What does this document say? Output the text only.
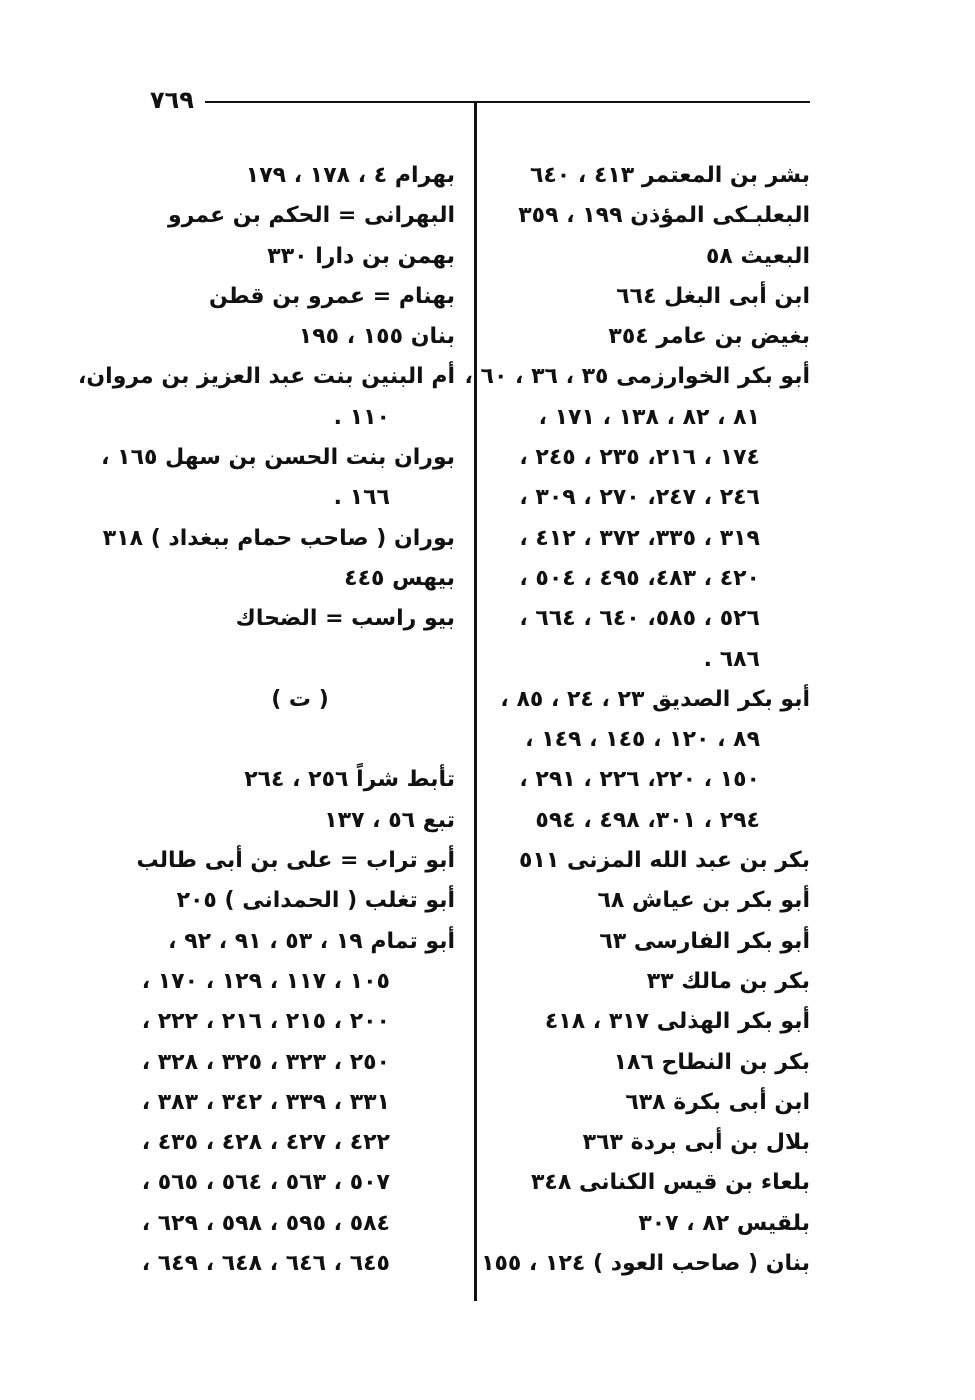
٧٦٩
بشر بن المعتمر ٤١٣ ، ٦٤٠
البعلبـكى المؤذن ١٩٩ ، ٣٥٩
البعيث ٥٨
ابن أبى البغل ٦٦٤
بغيض بن عامر ٣٥٤
أبو بكر الخوارزمى ٣٥ ، ٣٦ ، ٦٠ ،
٨١ ، ٨٢ ، ١٣٨ ، ١٧١ ،
١٧٤ ، ٢١٦، ٢٣٥ ، ٢٤٥ ،
٢٤٦ ، ٢٤٧، ٢٧٠ ، ٣٠٩ ،
٣١٩ ، ٣٣٥، ٣٧٢ ، ٤١٢ ،
٤٢٠ ، ٤٨٣، ٤٩٥ ، ٥٠٤ ،
٥٢٦ ، ٥٨٥، ٦٤٠ ، ٦٦٤ ،
٦٨٦ .
أبو بكر الصديق ٢٣ ، ٢٤ ، ٨٥ ،
٨٩ ، ١٢٠ ، ١٤٥ ، ١٤٩ ،
١٥٠ ، ٢٢٠، ٢٢٦ ، ٢٩١ ،
٢٩٤ ، ٣٠١، ٤٩٨ ، ٥٩٤
بكر بن عبد الله المزنى ٥١١
أبو بكر بن عياش ٦٨
أبو بكر الفارسى ٦٣
بكر بن مالك ٣٣
أبو بكر الهذلى ٣١٧ ، ٤١٨
بكر بن النطاح ١٨٦
ابن أبى بكرة ٦٣٨
بلال بن أبى بردة ٣٦٣
بلعاء بن قيس الكنانى ٣٤٨
بلقيس ٨٢ ، ٣٠٧
بنان ( صاحب العود ) ١٢٤ ، ١٥٥
بهرام ٤ ، ١٧٨ ، ١٧٩
البهرانى = الحكم بن عمرو
بهمن بن دارا ٣٣٠
بهنام = عمرو بن قطن
بنان ١٥٥ ، ١٩٥
أم البنين بنت عبد العزيز بن مروان،
١١٠ .
بوران بنت الحسن بن سهل ١٦٥ ،
١٦٦ .
بوران ( صاحب حمام ببغداد ) ٣١٨
بيهس ٤٤٥
بيو راسب = الضحاك
( ت )
تأبط شراً ٢٥٦ ، ٢٦٤
تبع ٥٦ ، ١٣٧
أبو تراب = على بن أبى طالب
أبو تغلب ( الحمدانى ) ٢٠٥
أبو تمام ١٩ ، ٥٣ ، ٩١ ، ٩٢ ،
١٠٥ ، ١١٧ ، ١٢٩ ، ١٧٠ ،
٢٠٠ ، ٢١٥ ، ٢١٦ ، ٢٢٢ ،
٢٥٠ ، ٣٢٣ ، ٣٢٥ ، ٣٢٨ ،
٣٣١ ، ٣٣٩ ، ٣٤٢ ، ٣٨٣ ،
٤٢٢ ، ٤٢٧ ، ٤٢٨ ، ٤٣٥ ،
٥٠٧ ، ٥٦٣ ، ٥٦٤ ، ٥٦٥ ،
٥٨٤ ، ٥٩٥ ، ٥٩٨ ، ٦٢٩ ،
٦٤٥ ، ٦٤٦ ، ٦٤٨ ، ٦٤٩ ،
